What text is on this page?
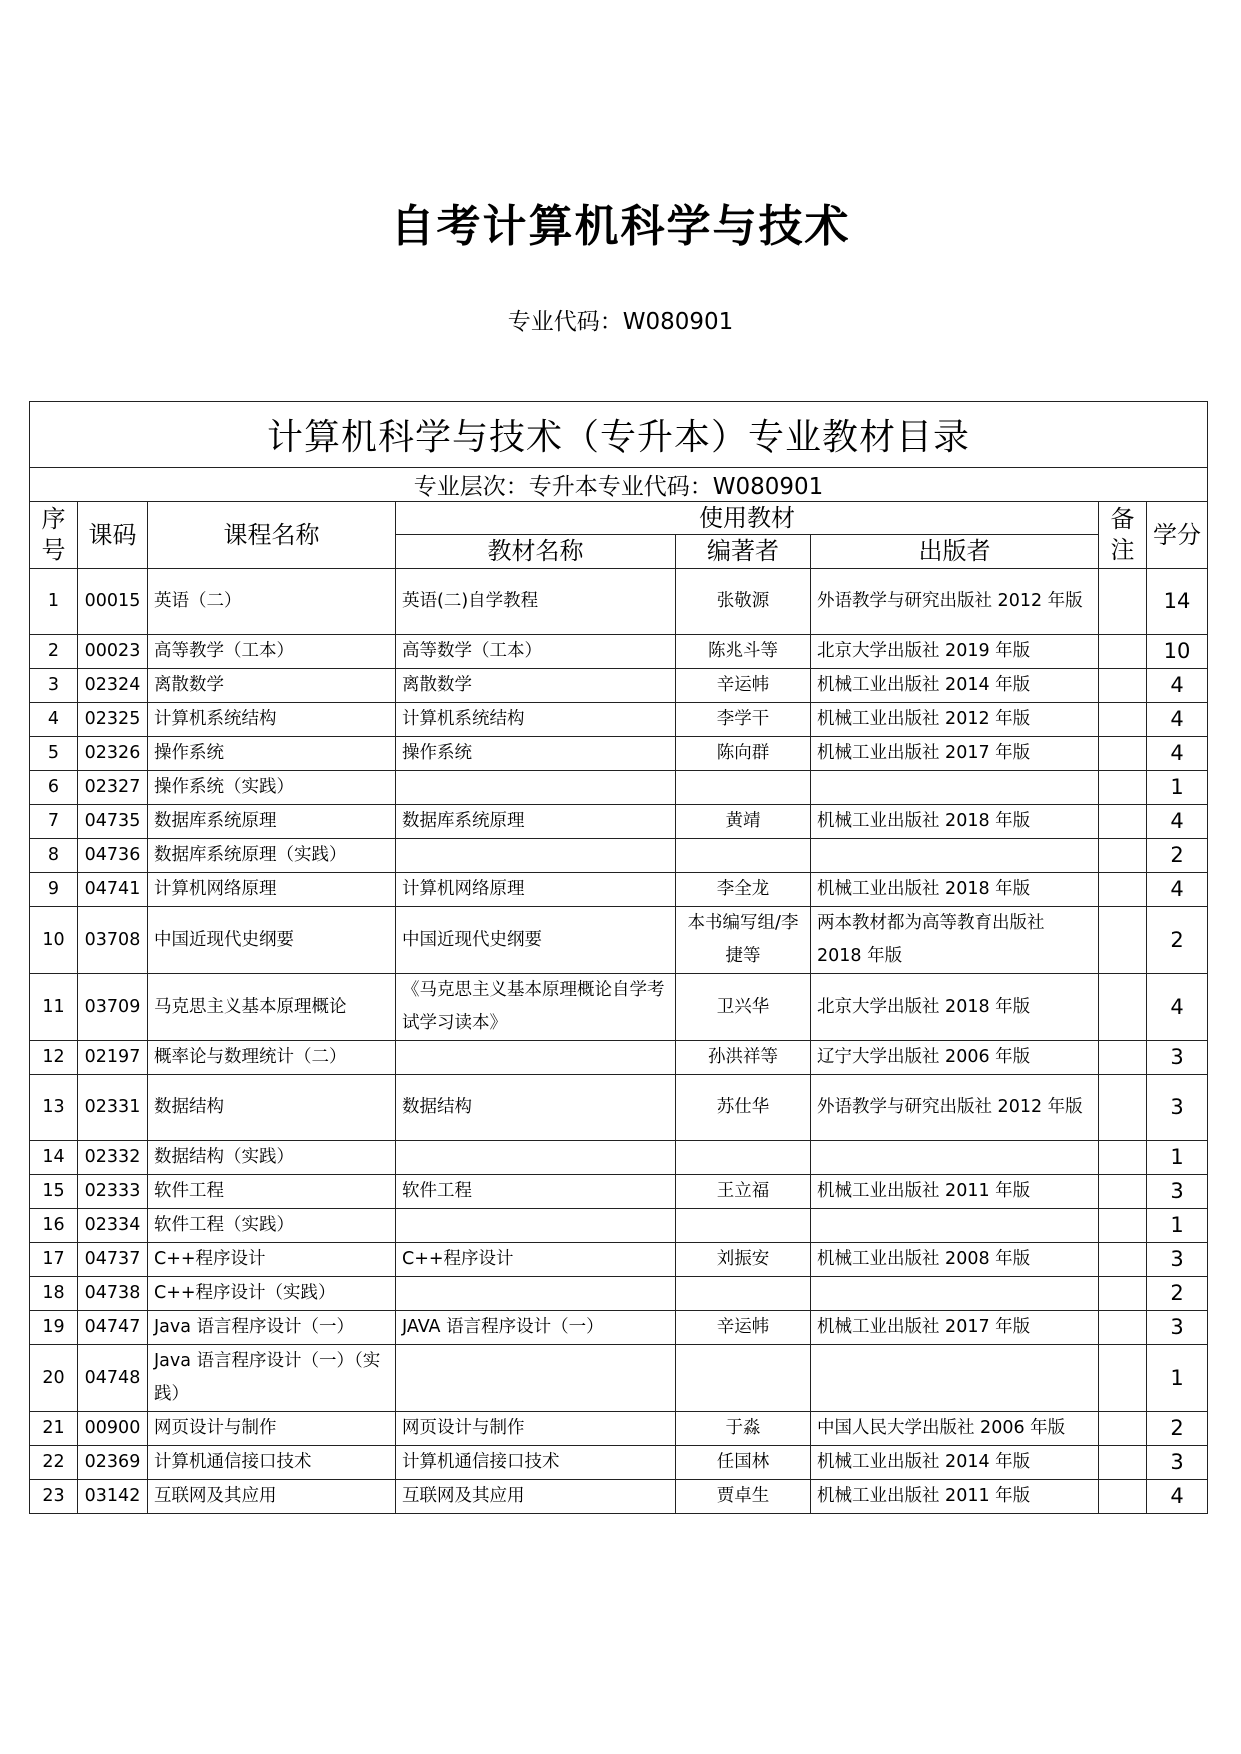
自考计算机科学与技术
专业代码：W080901
计算机科学与技术（专升本）专业教材目录							
专业层次：专升本专业代码：W080901							
序号	课码	课程名称	使用教材			备注	学分
			教材名称	编著者	出版者		
1	00015	英语（二）	英语(二)自学教程	张敬源	外语教学与研究出版社 2012 年版		14
2	00023	高等教学（工本）	高等数学（工本）	陈兆斗等	北京大学出版社 2019 年版		10
3	02324	离散数学	离散数学	辛运帏	机械工业出版社 2014 年版		4
4	02325	计算机系统结构	计算机系统结构	李学干	机械工业出版社 2012 年版		4
5	02326	操作系统	操作系统	陈向群	机械工业出版社 2017 年版		4
6	02327	操作系统（实践）					1
7	04735	数据库系统原理	数据库系统原理	黄靖	机械工业出版社 2018 年版		4
8	04736	数据库系统原理（实践）					2
9	04741	计算机网络原理	计算机网络原理	李全龙	机械工业出版社 2018 年版		4
10	03708	中国近现代史纲要	中国近现代史纲要	本书编写组/李捷等	两本教材都为高等教育出版社 2018 年版		2
11	03709	马克思主义基本原理概论	《马克思主义基本原理概论自学考试学习读本》	卫兴华	北京大学出版社 2018 年版		4
12	02197	概率论与数理统计（二）		孙洪祥等	辽宁大学出版社 2006 年版		3
13	02331	数据结构	数据结构	苏仕华	外语教学与研究出版社 2012 年版		3
14	02332	数据结构（实践）					1
15	02333	软件工程	软件工程	王立福	机械工业出版社 2011 年版		3
16	02334	软件工程（实践）					1
17	04737	C++程序设计	C++程序设计	刘振安	机械工业出版社 2008 年版		3
18	04738	C++程序设计（实践）					2
19	04747	Java 语言程序设计（一）	JAVA 语言程序设计（一）	辛运帏	机械工业出版社 2017 年版		3
20	04748	Java 语言程序设计（一）（实践）					1
21	00900	网页设计与制作	网页设计与制作	于淼	中国人民大学出版社 2006 年版		2
22	02369	计算机通信接口技术	计算机通信接口技术	任国林	机械工业出版社 2014 年版		3
23	03142	互联网及其应用	互联网及其应用	贾卓生	机械工业出版社 2011 年版		4
